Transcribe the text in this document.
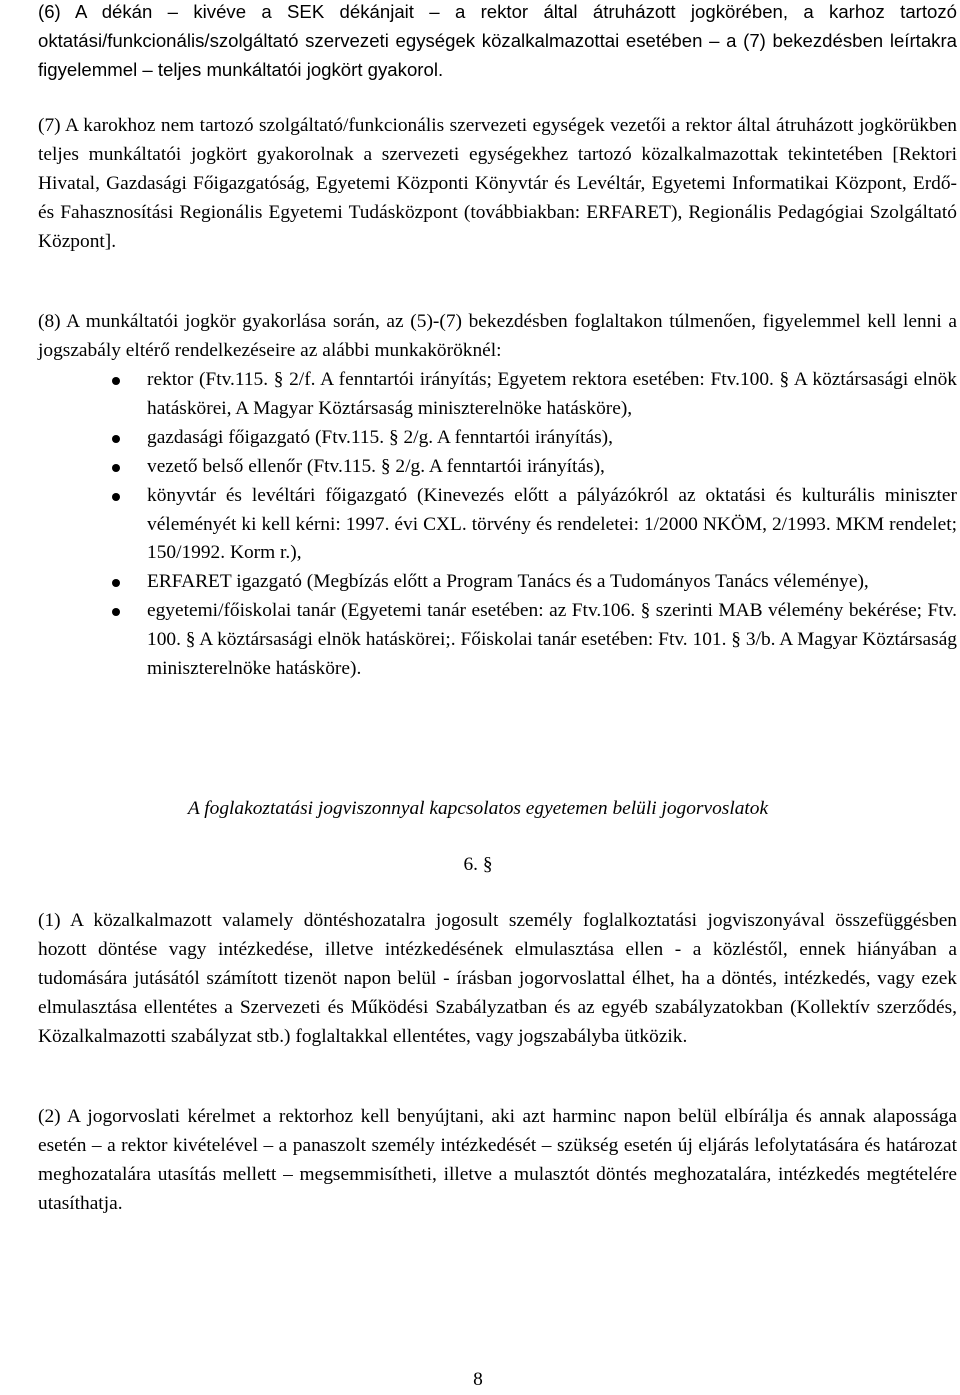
(6) A dékán – kivéve a SEK dékánjait – a rektor által átruházott jogkörében, a karhoz tartozó oktatási/funkcionális/szolgáltató szervezeti egységek közalkalmazottai esetében – a (7) bekezdésben leírtakra figyelemmel – teljes munkáltatói jogkört gyakorol.

(7) A karokhoz nem tartozó szolgáltató/funkcionális szervezeti egységek vezetői a rektor által átruházott jogkörükben teljes munkáltatói jogkört gyakorolnak a szervezeti egységekhez tartozó közalkalmazottak tekintetében [Rektori Hivatal, Gazdasági Főigazgatóság, Egyetemi Központi Könyvtár és Levéltár, Egyetemi Informatikai Központ, Erdő- és Fahasznosítási Regionális Egyetemi Tudásközpont (továbbiakban: ERFARET), Regionális Pedagógiai Szolgáltató Központ].

(8) A munkáltatói jogkör gyakorlása során, az (5)-(7) bekezdésben foglaltakon túlmenően, figyelemmel kell lenni a jogszabály eltérő rendelkezéseire az alábbi munkaköröknél:

rektor (Ftv.115. § 2/f. A fenntartói irányítás; Egyetem rektora esetében: Ftv.100. § A köztársasági elnök hatáskörei, A Magyar Köztársaság miniszterelnöke hatásköre),
gazdasági főigazgató (Ftv.115. § 2/g. A fenntartói irányítás),
vezető belső ellenőr (Ftv.115. § 2/g. A fenntartói irányítás),
könyvtár és levéltári főigazgató (Kinevezés előtt a pályázókról az oktatási és kulturális miniszter véleményét ki kell kérni: 1997. évi CXL. törvény és rendeletei: 1/2000 NKÖM, 2/1993. MKM rendelet; 150/1992. Korm r.),
ERFARET igazgató (Megbízás előtt a Program Tanács és a Tudományos Tanács véleménye),
egyetemi/főiskolai tanár (Egyetemi tanár esetében: az Ftv.106. § szerinti MAB vélemény bekérése; Ftv. 100. § A köztársasági elnök hatáskörei;. Főiskolai tanár esetében: Ftv. 101. § 3/b. A Magyar Köztársaság miniszterelnöke hatásköre).
A foglakoztatási jogviszonnyal kapcsolatos egyetemen belüli jogorvoslatok
6. §

(1) A közalkalmazott valamely döntéshozatalra jogosult személy foglalkoztatási jogviszonyával összefüggésben hozott döntése vagy intézkedése, illetve intézkedésének elmulasztása ellen - a közléstől, ennek hiányában a tudomására jutásától számított tizenöt napon belül - írásban jogorvoslattal élhet, ha a döntés, intézkedés, vagy ezek elmulasztása ellentétes a Szervezeti és Működési Szabályzatban és az egyéb szabályzatokban (Kollektív szerződés, Közalkalmazotti szabályzat stb.) foglaltakkal ellentétes, vagy jogszabályba ütközik.

(2) A jogorvoslati kérelmet a rektorhoz kell benyújtani, aki azt harminc napon belül elbírálja és annak alapossága esetén – a rektor kivételével – a panaszolt személy intézkedését – szükség esetén új eljárás lefolytatására és határozat meghozatalára utasítás mellett – megsemmisítheti, illetve a mulasztót döntés meghozatalára, intézkedés megtételére utasíthatja.

8
